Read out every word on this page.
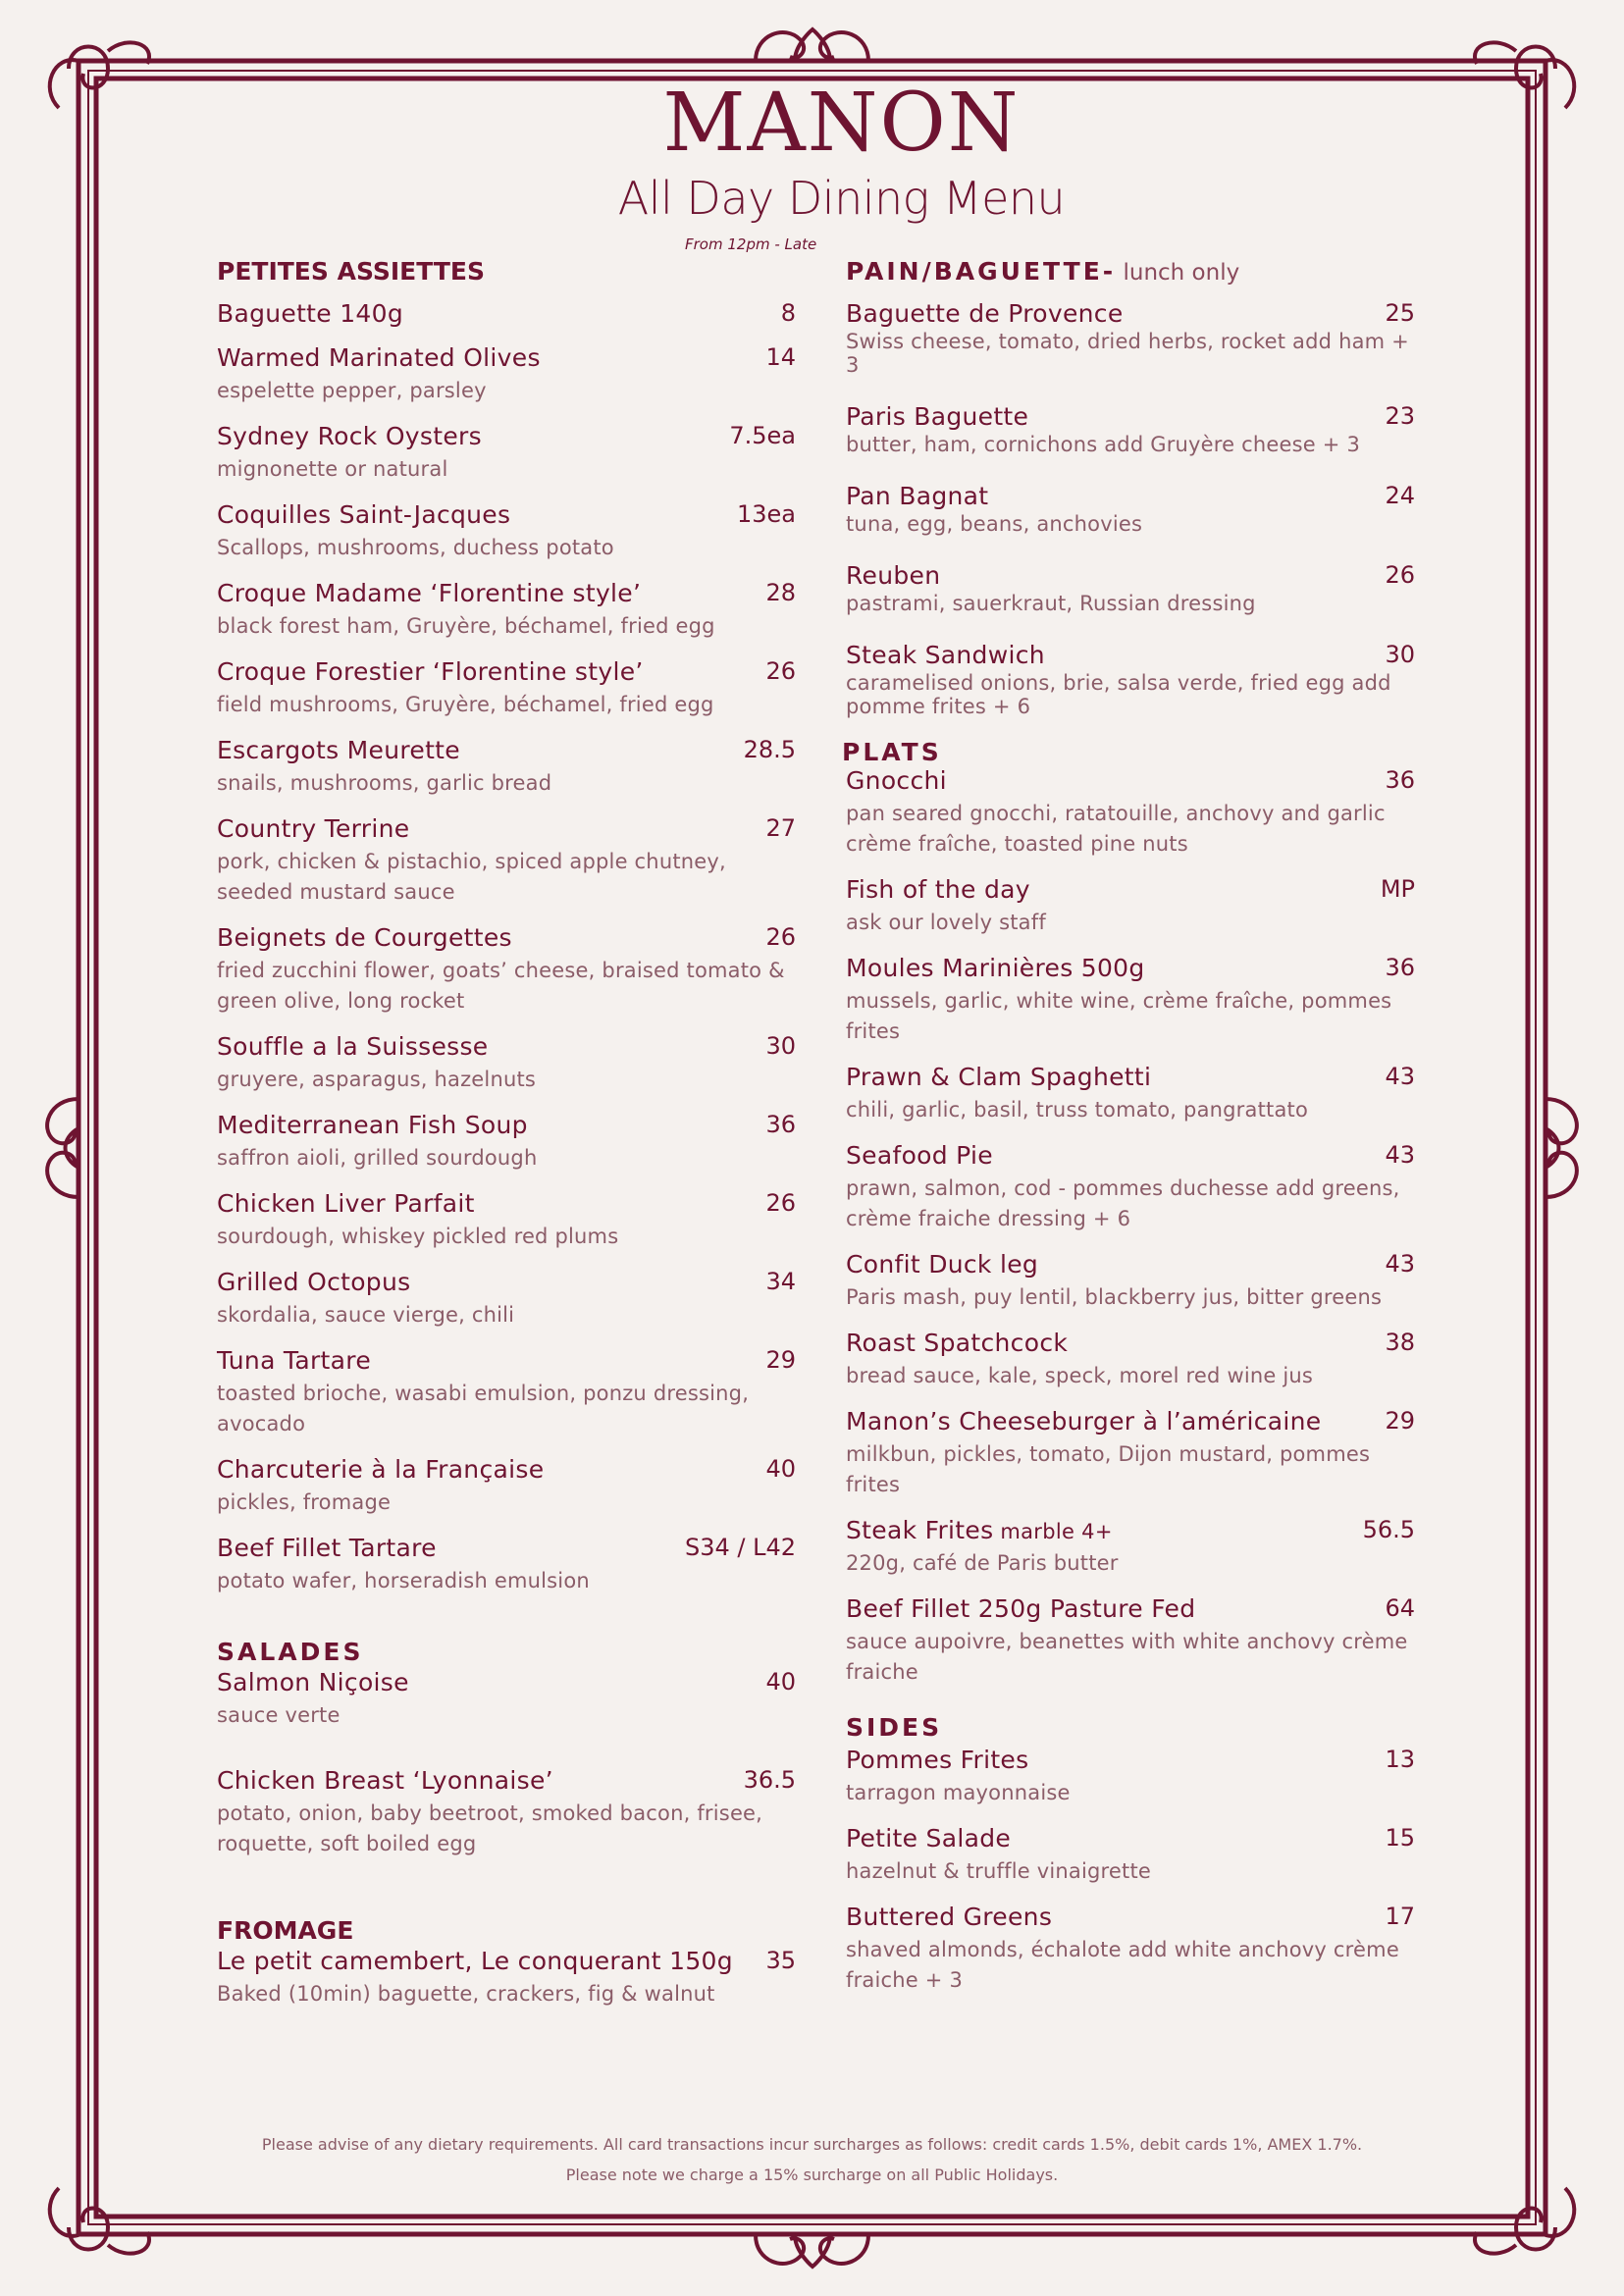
MANON
All Day Dining Menu
From 12pm - Late
PETITES ASSIETTES
Baguette 140g	8
Warmed Marinated Olives	14
espelette pepper, parsley
Sydney Rock Oysters	7.5ea
mignonette or natural
Coquilles Saint-Jacques	13ea
Scallops, mushrooms, duchess potato
Croque Madame ‘Florentine style’	28
black forest ham, Gruyère, béchamel, fried egg
Croque Forestier ‘Florentine style’	26
field mushrooms, Gruyère, béchamel, fried egg
Escargots Meurette	28.5
snails, mushrooms, garlic bread
Country Terrine	27
pork, chicken & pistachio, spiced apple chutney, seeded mustard sauce
Beignets de Courgettes	26
fried zucchini flower, goats’ cheese, braised tomato & green olive, long rocket
Souffle a la Suissesse	30
gruyere, asparagus, hazelnuts
Mediterranean Fish Soup	36
saffron aioli, grilled sourdough
Chicken Liver Parfait	26
sourdough, whiskey pickled red plums
Grilled Octopus	34
skordalia, sauce vierge, chili
Tuna Tartare	29
toasted brioche, wasabi emulsion, ponzu dressing, avocado
Charcuterie à la Française	40
pickles, fromage
Beef Fillet Tartare	S34 / L42
potato wafer, horseradish emulsion
SALADES
Salmon Niçoise	40
sauce verte
Chicken Breast ‘Lyonnaise’	36.5
potato, onion, baby beetroot, smoked bacon, frisee, roquette, soft boiled egg
FROMAGE
Le petit camembert, Le conquerant 150g	35
Baked (10min) baguette, crackers, fig & walnut
PAIN/BAGUETTE- lunch only
Baguette de Provence	25
Swiss cheese, tomato, dried herbs, rocket add ham + 3
Paris Baguette	23
butter, ham, cornichons add Gruyère cheese + 3
Pan Bagnat	24
tuna, egg, beans, anchovies
Reuben	26
pastrami, sauerkraut, Russian dressing
Steak Sandwich	30
caramelised onions, brie, salsa verde, fried egg add pomme frites + 6
PLATS
Gnocchi	36
pan seared gnocchi, ratatouille, anchovy and garlic crème fraîche, toasted pine nuts
Fish of the day	MP
ask our lovely staff
Moules Marinières 500g	36
mussels, garlic, white wine, crème fraîche, pommes frites
Prawn & Clam Spaghetti	43
chili, garlic, basil, truss tomato, pangrattato
Seafood Pie	43
prawn, salmon, cod - pommes duchesse add greens, crème fraiche dressing + 6
Confit Duck leg	43
Paris mash, puy lentil, blackberry jus, bitter greens
Roast Spatchcock	38
bread sauce, kale, speck, morel red wine jus
Manon’s Cheeseburger à l’américaine	29
milkbun, pickles, tomato, Dijon mustard, pommes frites
Steak Frites marble 4+	56.5
220g, café de Paris butter
Beef Fillet 250g Pasture Fed	64
sauce aupoivre, beanettes with white anchovy crème fraiche
SIDES
Pommes Frites	13
tarragon mayonnaise
Petite Salade	15
hazelnut & truffle vinaigrette
Buttered Greens	17
shaved almonds, échalote add white anchovy crème fraiche + 3
Please advise of any dietary requirements. All card transactions incur surcharges as follows: credit cards 1.5%, debit cards 1%, AMEX 1.7%.
Please note we charge a 15% surcharge on all Public Holidays.
